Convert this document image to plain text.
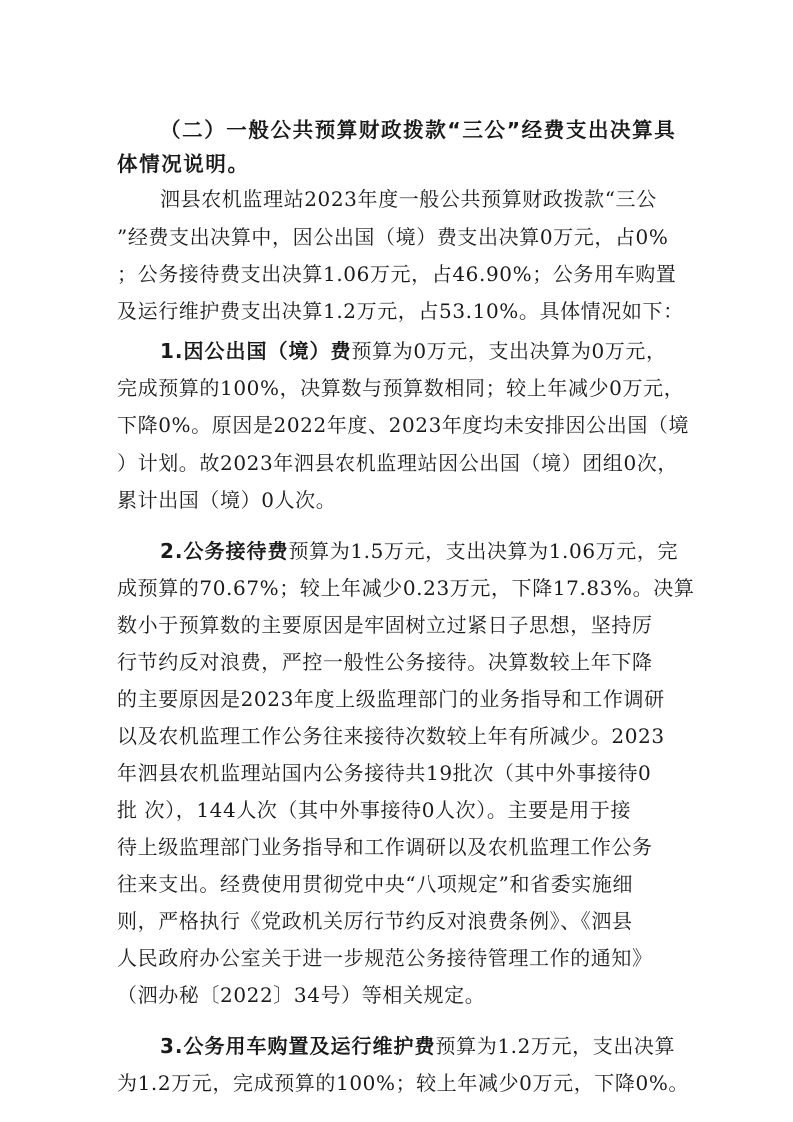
（二）一般公共预算财政拨款“三公”经费支出决算具
体情况说明。
泗县农机监理站2023年度一般公共预算财政拨款“三公
”经费支出决算中，因公出国（境）费支出决算0万元，占0%
；公务接待费支出决算1.06万元，占46.90%；公务用车购置
及运行维护费支出决算1.2万元，占53.10%。具体情况如下：
1.因公出国（境）费预算为0万元，支出决算为0万元，
完成预算的100%，决算数与预算数相同；较上年减少0万元，
下降0%。原因是2022年度、2023年度均未安排因公出国（境
）计划。故2023年泗县农机监理站因公出国（境）团组0次，
累计出国（境）0人次。
2.公务接待费预算为1.5万元，支出决算为1.06万元，完
成预算的70.67%；较上年减少0.23万元，下降17.83%。决算
数小于预算数的主要原因是牢固树立过紧日子思想，坚持厉
行节约反对浪费，严控一般性公务接待。决算数较上年下降
的主要原因是2023年度上级监理部门的业务指导和工作调研
以及农机监理工作公务往来接待次数较上年有所减少。2023
年泗县农机监理站国内公务接待共19批次（其中外事接待0
批 次），144人次（其中外事接待0人次）。主要是用于接
待上级监理部门业务指导和工作调研以及农机监理工作公务
往来支出。经费使用贯彻党中央“八项规定”和省委实施细
则，严格执行《党政机关厉行节约反对浪费条例》、《泗县
人民政府办公室关于进一步规范公务接待管理工作的通知》
（泗办秘〔2022〕34号）等相关规定。
3.公务用车购置及运行维护费预算为1.2万元，支出决算
为1.2万元，完成预算的100%；较上年减少0万元，下降0%。
